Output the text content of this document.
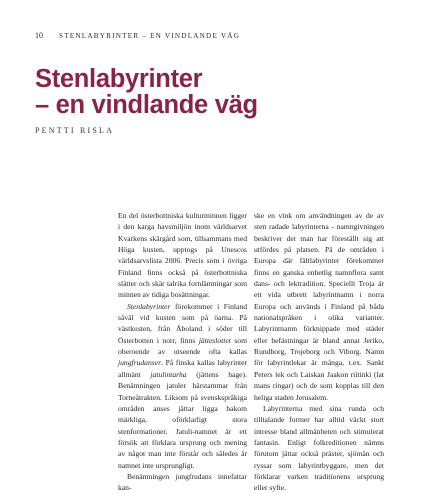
10 STENLABYRINTER – EN VINDLANDE VÄG
Stenlabyrinter
– en vindlande väg
PENTTI RISLA

En del österbottniska kulturminnen ligger i den karga havsmiljön inom världsarvet Kvarkens skärgård som, tillsammans med Höga kusten, upptogs på Unescos världsarvslista 2006. Precis som i övriga Finland finns också på österbottniska slätter och skär talrika fornlämningar som minnen av tidiga bosättningar.

Stenlabyrinter förekommer i Finland såväl vid kusten som på öarna. På västkusten, från Åboland i söder till Österbotten i norr, finns jätteslottet som oberoende av utseende ofta kallas jungfrudanser. På finska kallas labyrinter allmänt jatulintarha (jättens hage). Benämningen jatuler härstammar från Torneåtrakten. Liksom på svenskspråkiga områden anses jättar ligga bakom märkliga, oförklarligt stora stenformationer. Jatuli-namnet är ett försök att förklara ursprung och mening av något man inte förstår och således är namnet inte ursprungligt.

Benämningen jungfrudans innefattar kan-

ske en vink om användningen av de av sten radade labyrinterna - namngivningen beskriver det man har föreställt sig att utfördes på platsen. På de områden i Europa där fältlabyrinter förekommer finns en ganska enhetlig namnflora samt dans- och lektradition. Speciellt Troja är ett vida utbrett labyrintnamn i norra Europa och används i Finland på båda nationalspråken i olika varianter. Labyrintnamn förknippade med städer eller befästningar är bland annat Jeriko, Rundborg, Trojeborg och Viborg. Namn för labyrintlekar är många, t.ex. Sankt Peters lek och Laiskan Jaakon riitinki (lat mans ringar) och de som kopplas till den heliga staden Jerusalem.

Labyrinterna med sina runda och tilltalande former har alltid väckt stort intresse bland allmänheten och stimulerat fantasin. Enligt folkreditionen nämns förutom jättar också präster, sjömän och ryssar som labyrintbyggare, men det förklarar varken traditionens ursprung eller syfte.
